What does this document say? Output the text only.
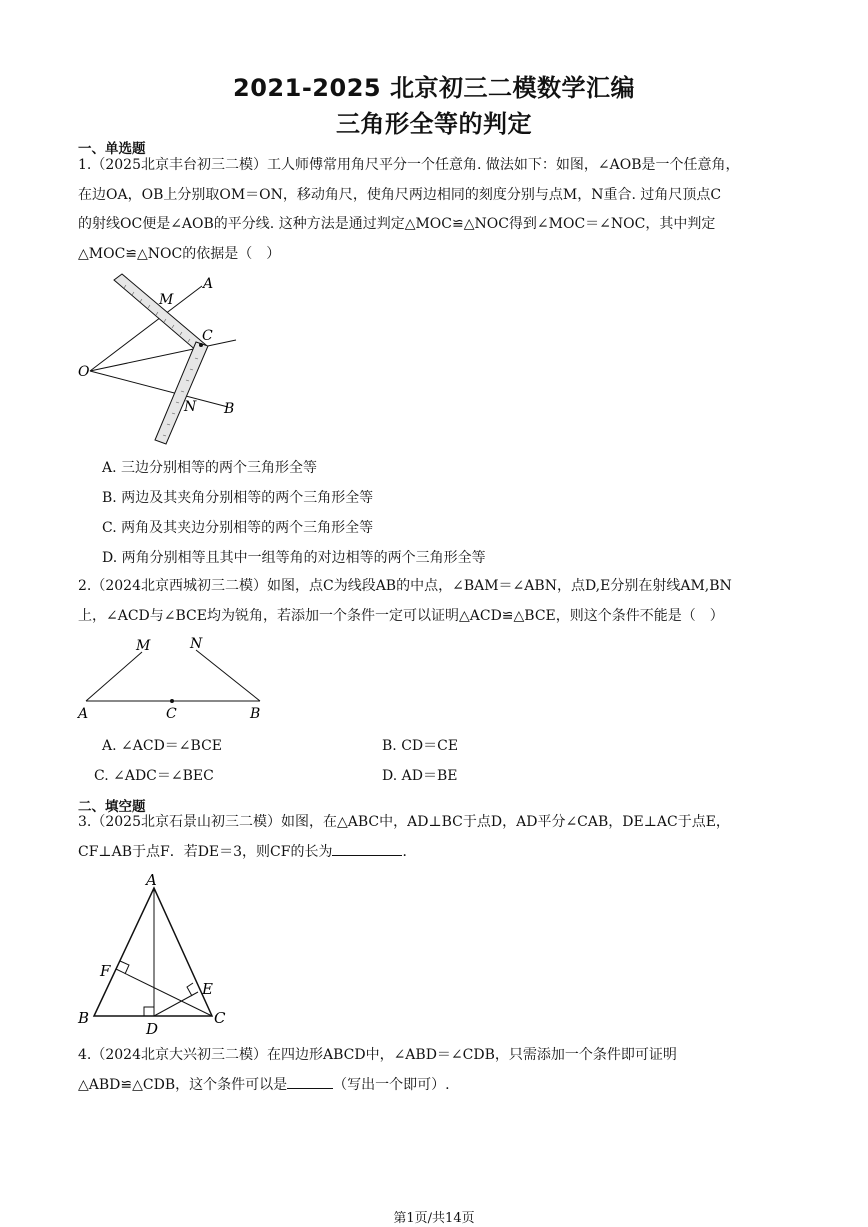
2021-2025 北京初三二模数学汇编
三角形全等的判定
一、单选题
1.（2025北京丰台初三二模）工人师傅常用角尺平分一个任意角. 做法如下：如图，∠AOB是一个任意角，
在边OA，OB上分别取OM＝ON，移动角尺，使角尺两边相同的刻度分别与点M，N重合. 过角尺顶点C
的射线OC便是∠AOB的平分线. 这种方法是通过判定△MOC≌△NOC得到∠MOC＝∠NOC，其中判定
△MOC≌△NOC的依据是（　）
A
M
C
O
N B
A. 三边分别相等的两个三角形全等
B. 两边及其夹角分别相等的两个三角形全等
C. 两角及其夹边分别相等的两个三角形全等
D. 两角分别相等且其中一组等角的对边相等的两个三角形全等
2.（2024北京西城初三二模）如图，点C为线段AB的中点，∠BAM＝∠ABN，点D,E分别在射线AM,BN
上，∠ACD与∠BCE均为锐角，若添加一个条件一定可以证明△ACD≌△BCE，则这个条件不能是（　）
M	N
A	C	B
A. ∠ACD＝∠BCE	B. CD＝CE
C. ∠ADC＝∠BEC	D. AD＝BE
二、填空题
3.（2025北京石景山初三二模）如图，在△ABC中，AD⊥BC于点D，AD平分∠CAB，DE⊥AC于点E，
CF⊥AB于点F．若DE＝3，则CF的长为	．
A
F
E
B
D
C
4.（2024北京大兴初三二模）在四边形ABCD中，∠ABD＝∠CDB，只需添加一个条件即可证明
△ABD≌△CDB，这个条件可以是	（写出一个即可）.
第1页/共14页
